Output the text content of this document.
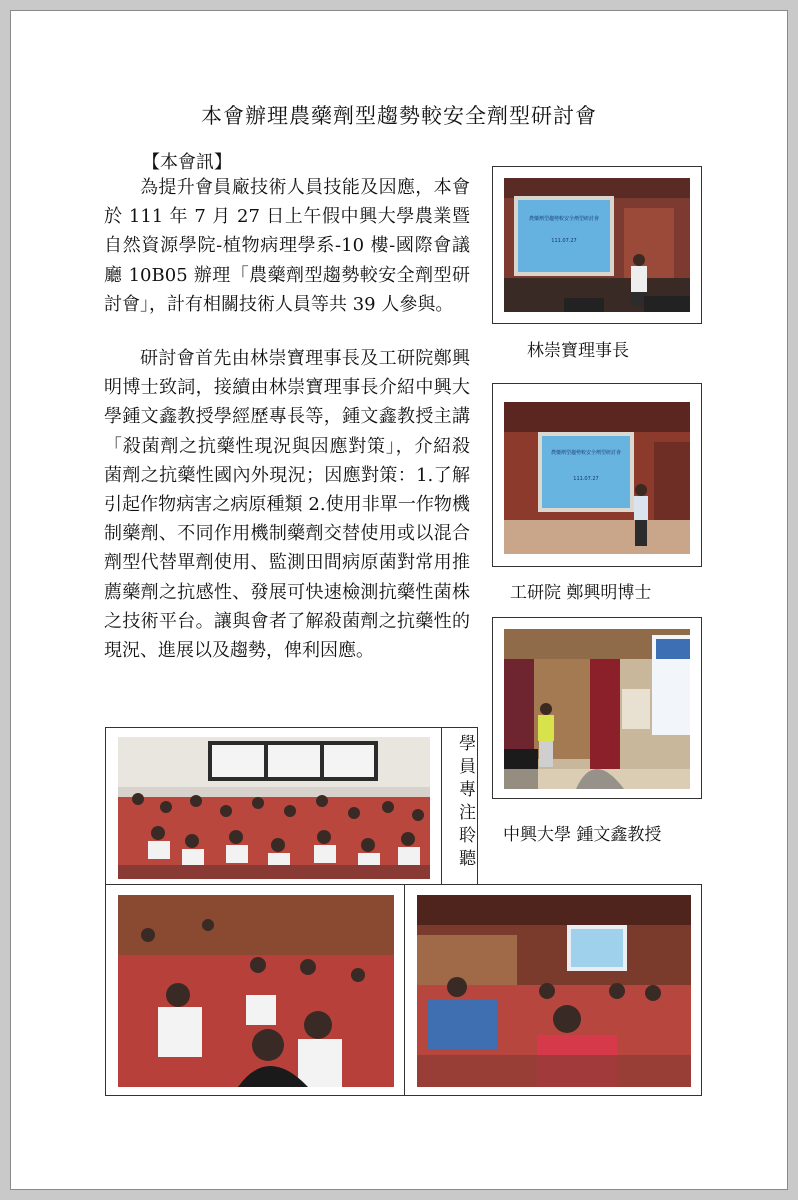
本會辦理農藥劑型趨勢較安全劑型研討會
【本會訊】

為提升會員廠技術人員技能及因應，本會於 111 年 7 月 27 日上午假中興大學農業暨自然資源學院-植物病理學系-10 樓-國際會議廳 10B05 辦理「農藥劑型趨勢較安全劑型研討會」，計有相關技術人員等共 39 人參與。

研討會首先由林崇寶理事長及工研院鄭興明博士致詞，接續由林崇寶理事長介紹中興大學鍾文鑫教授學經歷專長等，鍾文鑫教授主講「殺菌劑之抗藥性現況與因應對策」，介紹殺菌劑之抗藥性國內外現況；因應對策：1.了解引起作物病害之病原種類 2.使用非單一作物機制藥劑、不同作用機制藥劑交替使用或以混合劑型代替單劑使用、監測田間病原菌對常用推薦藥劑之抗感性、發展可快速檢測抗藥性菌株之技術平台。讓與會者了解殺菌劑之抗藥性的現況、進展以及趨勢，俾利因應。

農藥劑型趨勢較安全劑型研討會
111.07.27
林崇寶理事長
農藥劑型趨勢較安全劑型研討會
111.07.27
工研院 鄭興明博士
中興大學 鍾文鑫教授
學員專注聆聽
